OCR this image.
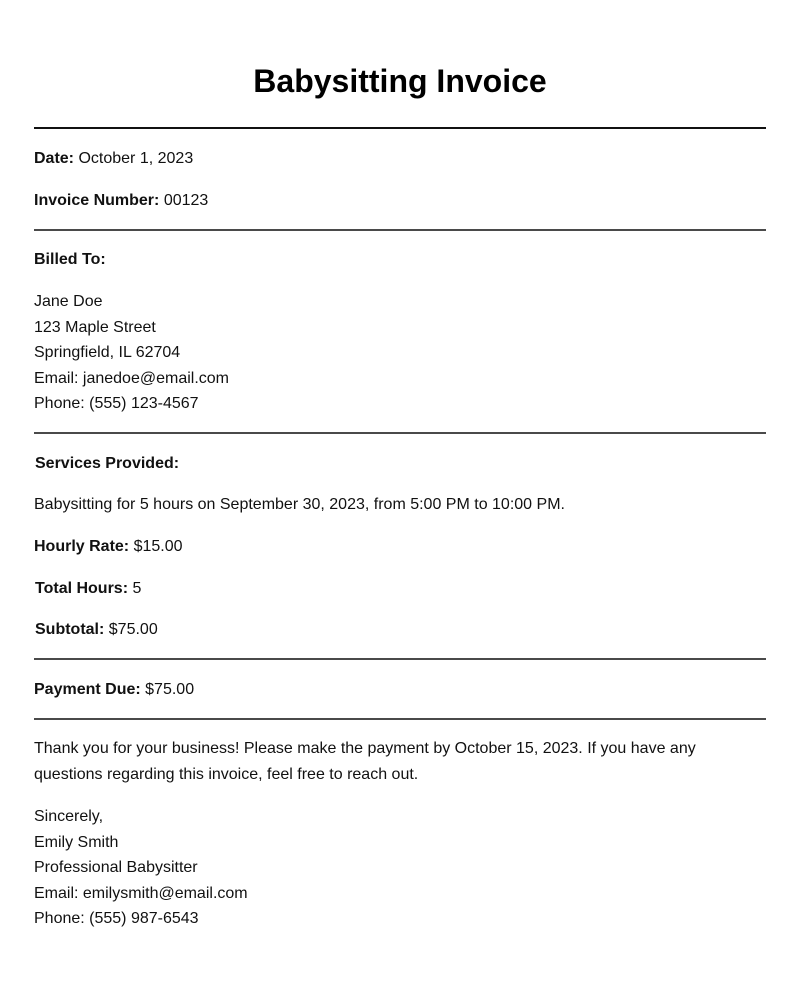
Babysitting Invoice
Date: October 1, 2023
Invoice Number: 00123
Billed To:
Jane Doe
123 Maple Street
Springfield, IL 62704
Email: janedoe@email.com
Phone: (555) 123-4567
Services Provided:
Babysitting for 5 hours on September 30, 2023, from 5:00 PM to 10:00 PM.
Hourly Rate: $15.00
Total Hours: 5
Subtotal: $75.00
Payment Due: $75.00
Thank you for your business! Please make the payment by October 15, 2023. If you have any questions regarding this invoice, feel free to reach out.
Sincerely,
Emily Smith
Professional Babysitter
Email: emilysmith@email.com
Phone: (555) 987-6543
